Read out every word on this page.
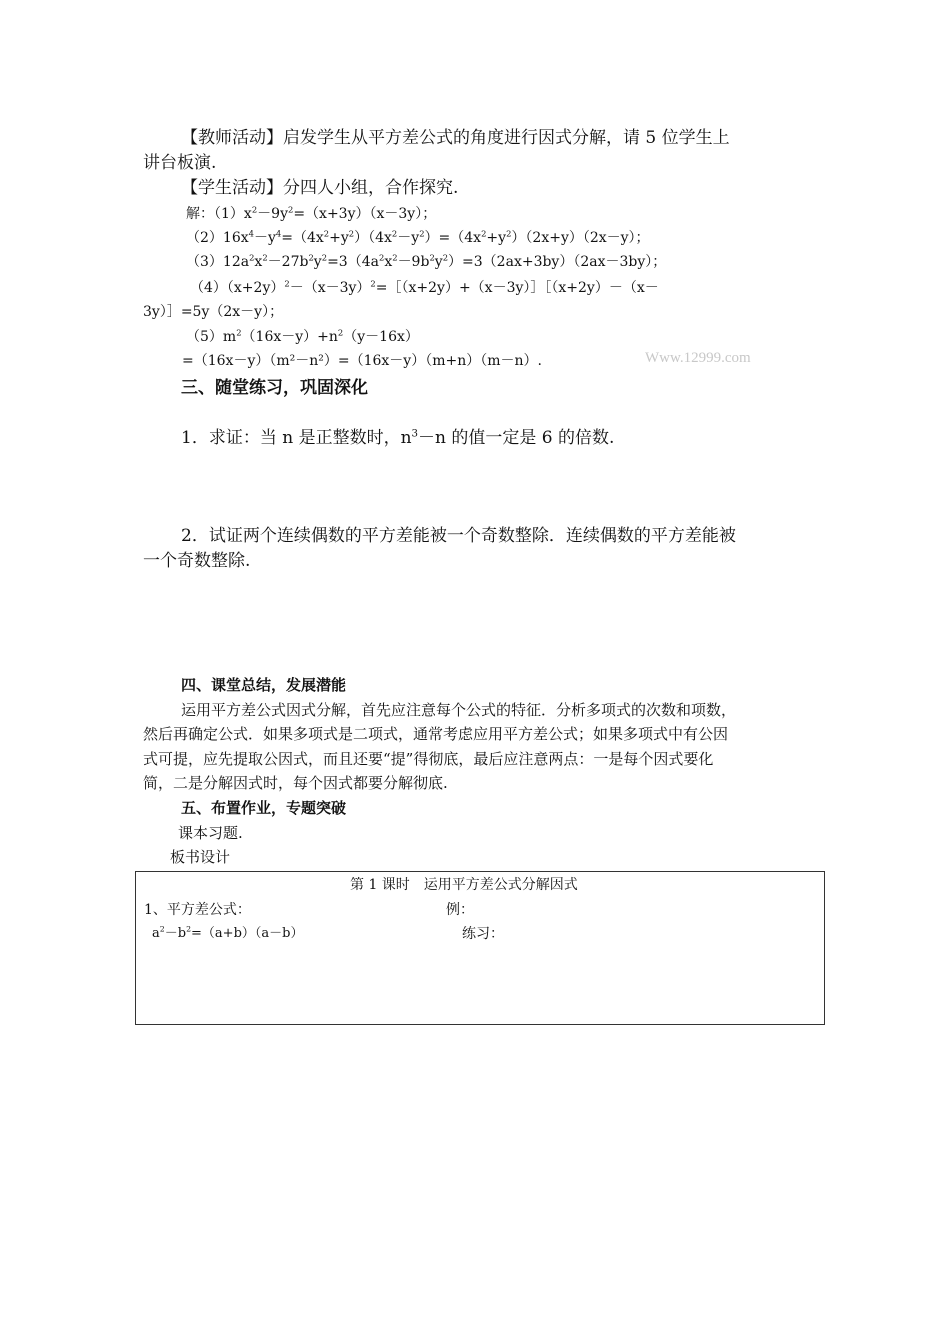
【教师活动】启发学生从平方差公式的角度进行因式分解，请 5 位学生上
讲台板演.
【学生活动】分四人小组，合作探究.
解：$(1)x^2-9y^2=(x+3y)(x-3y)$；
$(2)16x^4-y^4=(4x^2+y^2)(4x^2-y^2)=(4x^2+y^2)(2x+y)(2x-y)$；
$(3)12a^2x^2-27b^2y^2=3(4a^2x^2-9b^2y^2)=3(2ax+3by)(2ax-3by)$；
$(4)(x+2y)^2-(x-3y)^2=[(x+2y)+(x-3y)][(x+2y)-(x-$
3y）］=5y（2x－y）；
$(5)m^2(16x-y)+n^2(y-16x)$
=（16x－y）（m²－n²）=（16x－y）（m+n）（m－n）.	Www.12999.com
三、随堂练习，巩固深化
1．求证：当 n 是正整数时，$n^3-n$ 的值一定是 6 的倍数.
2．试证两个连续偶数的平方差能被一个奇数整除．连续偶数的平方差能被
一个奇数整除.
四、课堂总结，发展潜能
运用平方差公式因式分解，首先应注意每个公式的特征．分析多项式的次数和项数，
然后再确定公式．如果多项式是二项式，通常考虑应用平方差公式；如果多项式中有公因
式可提，应先提取公因式，而且还要“提”得彻底，最后应注意两点：一是每个因式要化
简，二是分解因式时，每个因式都要分解彻底.
五、布置作业，专题突破
课本习题.
板书设计
第 1 课时　运用平方差公式分解因式
1、平方差公式：	例：
$a^2-b^2=(a+b)(a-b)$	练习：
